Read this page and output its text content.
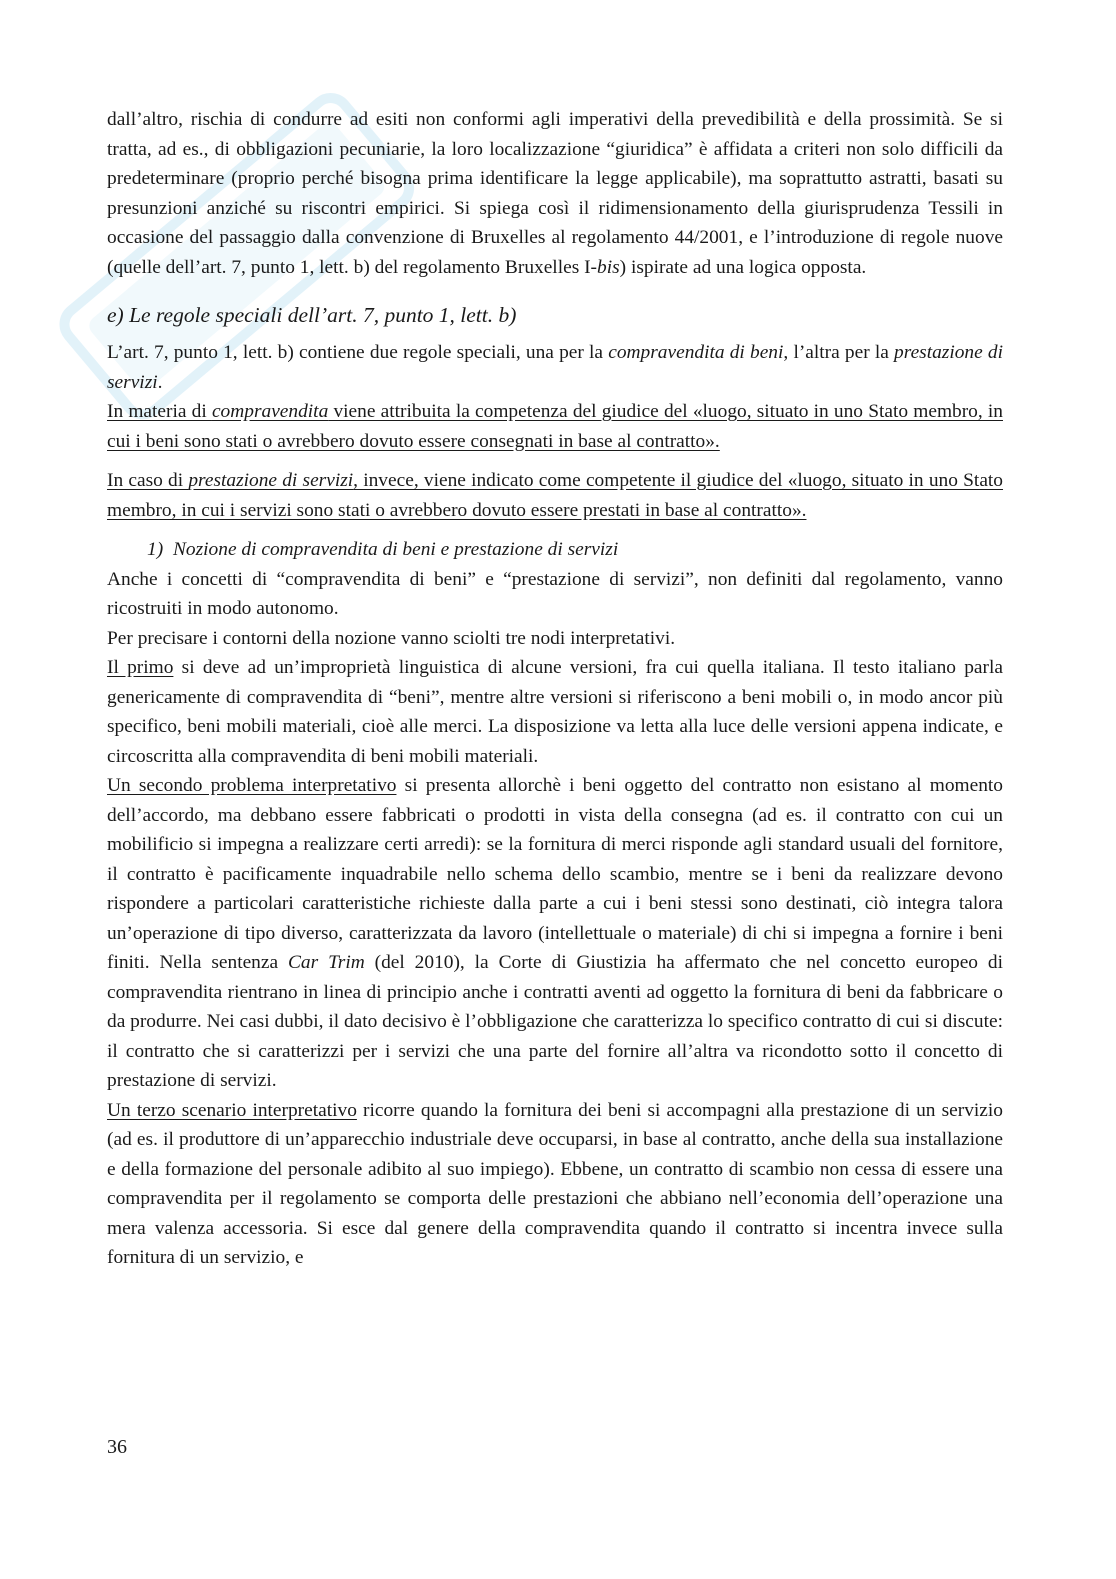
dall’altro, rischia di condurre ad esiti non conformi agli imperativi della prevedibilità e della prossimità. Se si tratta, ad es., di obbligazioni pecuniarie, la loro localizzazione “giuridica” è affidata a criteri non solo difficili da predeterminare (proprio perché bisogna prima identificare la legge applicabile), ma soprattutto astratti, basati su presunzioni anziché su riscontri empirici. Si spiega così il ridimensionamento della giurisprudenza Tessili in occasione del passaggio dalla convenzione di Bruxelles al regolamento 44/2001, e l’introduzione di regole nuove (quelle dell’art. 7, punto 1, lett. b) del regolamento Bruxelles I-bis) ispirate ad una logica opposta.

e) Le regole speciali dell’art. 7, punto 1, lett. b)

L’art. 7, punto 1, lett. b) contiene due regole speciali, una per la compravendita di beni, l’altra per la prestazione di servizi.

In materia di compravendita viene attribuita la competenza del giudice del «luogo, situato in uno Stato membro, in cui i beni sono stati o avrebbero dovuto essere consegnati in base al contratto».

In caso di prestazione di servizi, invece, viene indicato come competente il giudice del «luogo, situato in uno Stato membro, in cui i servizi sono stati o avrebbero dovuto essere prestati in base al contratto».

1) Nozione di compravendita di beni e prestazione di servizi

Anche i concetti di “compravendita di beni” e “prestazione di servizi”, non definiti dal regolamento, vanno ricostruiti in modo autonomo.

Per precisare i contorni della nozione vanno sciolti tre nodi interpretativi.

Il primo si deve ad un’improprietà linguistica di alcune versioni, fra cui quella italiana. Il testo italiano parla genericamente di compravendita di “beni”, mentre altre versioni si riferiscono a beni mobili o, in modo ancor più specifico, beni mobili materiali, cioè alle merci. La disposizione va letta alla luce delle versioni appena indicate, e circoscritta alla compravendita di beni mobili materiali.

Un secondo problema interpretativo si presenta allorchè i beni oggetto del contratto non esistano al momento dell’accordo, ma debbano essere fabbricati o prodotti in vista della consegna (ad es. il contratto con cui un mobilificio si impegna a realizzare certi arredi): se la fornitura di merci risponde agli standard usuali del fornitore, il contratto è pacificamente inquadrabile nello schema dello scambio, mentre se i beni da realizzare devono rispondere a particolari caratteristiche richieste dalla parte a cui i beni stessi sono destinati, ciò integra talora un’operazione di tipo diverso, caratterizzata da lavoro (intellettuale o materiale) di chi si impegna a fornire i beni finiti. Nella sentenza Car Trim (del 2010), la Corte di Giustizia ha affermato che nel concetto europeo di compravendita rientrano in linea di principio anche i contratti aventi ad oggetto la fornitura di beni da fabbricare o da produrre. Nei casi dubbi, il dato decisivo è l’obbligazione che caratterizza lo specifico contratto di cui si discute: il contratto che si caratterizzi per i servizi che una parte del fornire all’altra va ricondotto sotto il concetto di prestazione di servizi.

Un terzo scenario interpretativo ricorre quando la fornitura dei beni si accompagni alla prestazione di un servizio (ad es. il produttore di un’apparecchio industriale deve occuparsi, in base al contratto, anche della sua installazione e della formazione del personale adibito al suo impiego). Ebbene, un contratto di scambio non cessa di essere una compravendita per il regolamento se comporta delle prestazioni che abbiano nell’economia dell’operazione una mera valenza accessoria. Si esce dal genere della compravendita quando il contratto si incentra invece sulla fornitura di un servizio, e

36
